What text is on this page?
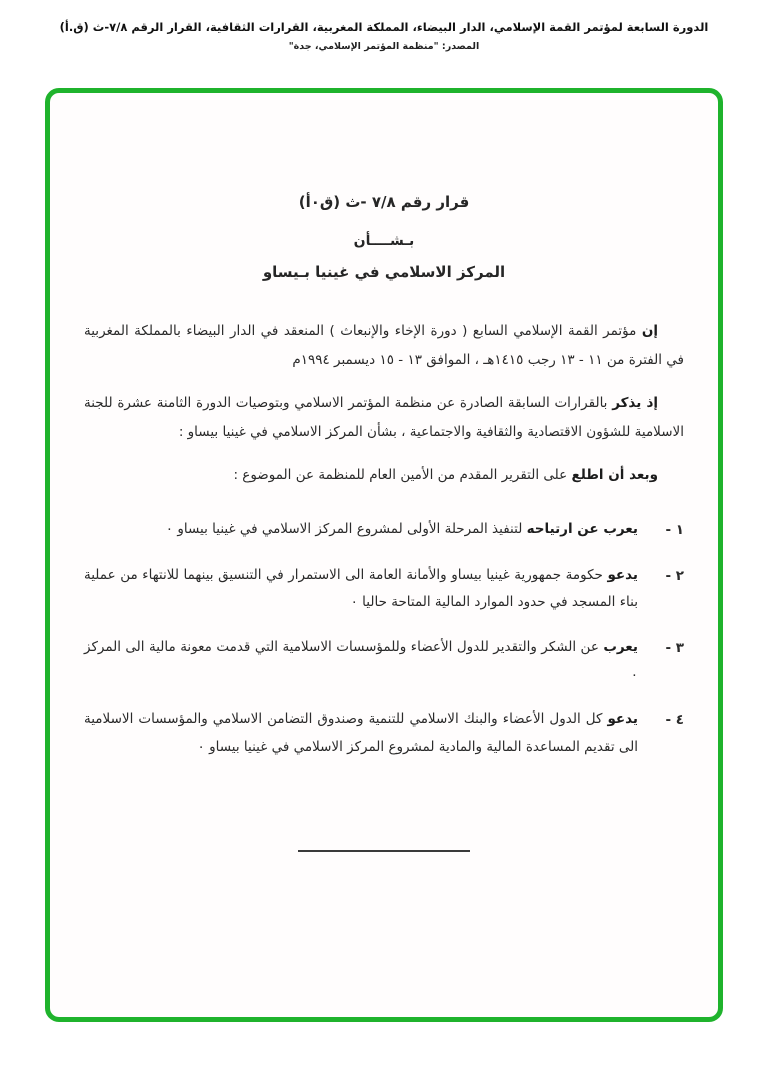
الدورة السابعة لمؤتمر القمة الإسلامي، الدار البيضاء، المملكة المغربية، القرارات الثقافية، القرار الرقم ٧/٨-ث (ق.أ)
المصدر: "منظمة المؤتمر الإسلامي، جدة"
قرار رقم ٧/٨ -ث (ق٠أ)
بـشــــأن
المركز الاسلامي في غينيا بـيساو

إن مؤتمر القمة الإسلامي السابع ( دورة الإخاء والإنبعاث ) المنعقد في الدار البيضاء بالمملكة المغربية في الفترة من ١١ - ١٣ رجب ١٤١٥هـ ، الموافق ١٣ - ١٥ ديسمبر ١٩٩٤م

إذ يذكر بالقرارات السابقة الصادرة عن منظمة المؤتمر الاسلامي وبتوصيات الدورة الثامنة عشرة للجنة الاسلامية للشؤون الاقتصادية والثقافية والاجتماعية ، بشأن المركز الاسلامي في غينيا بيساو :

وبعد أن اطلع على التقرير المقدم من الأمين العام للمنظمة عن الموضوع :

١ -
يعرب عن ارتياحه لتنفيذ المرحلة الأولى لمشروع المركز الاسلامي في غينيا بيساو ٠
٢ -
يدعو حكومة جمهورية غينيا بيساو والأمانة العامة الى الاستمرار في التنسيق بينهما للانتهاء من عملية بناء المسجد في حدود الموارد المالية المتاحة حاليا ٠
٣ -
يعرب عن الشكر والتقدير للدول الأعضاء وللمؤسسات الاسلامية التي قدمت معونة مالية الى المركز ٠
٤ -
يدعو كل الدول الأعضاء والبنك الاسلامي للتنمية وصندوق التضامن الاسلامي والمؤسسات الاسلامية الى تقديم المساعدة المالية والمادية لمشروع المركز الاسلامي في غينيا بيساو ٠
